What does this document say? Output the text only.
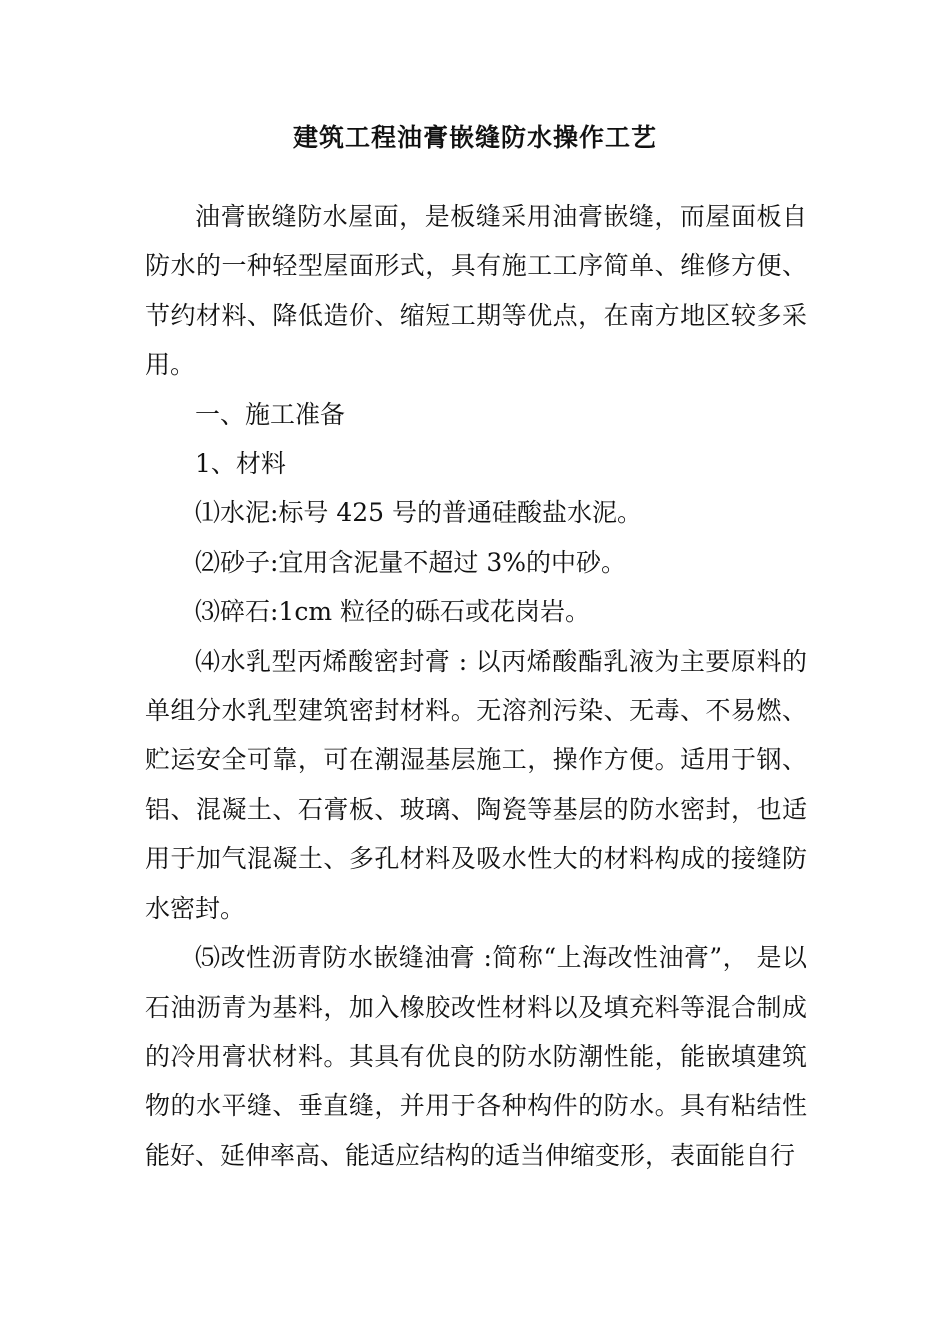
建筑工程油膏嵌缝防水操作工艺

油膏嵌缝防水屋面，是板缝采用油膏嵌缝，而屋面板自防水的一种轻型屋面形式，具有施工工序简单、维修方便、节约材料、降低造价、缩短工期等优点，在南方地区较多采用。

一、施工准备

1、材料

⑴水泥:标号 425 号的普通硅酸盐水泥。

⑵砂子:宜用含泥量不超过 3%的中砂。

⑶碎石:1cm 粒径的砾石或花岗岩。

⑷水乳型丙烯酸密封膏 : 以丙烯酸酯乳液为主要原料的单组分水乳型建筑密封材料。无溶剂污染、无毒、不易燃、贮运安全可靠，可在潮湿基层施工，操作方便。适用于钢、铝、混凝土、石膏板、玻璃、陶瓷等基层的防水密封，也适用于加气混凝土、多孔材料及吸水性大的材料构成的接缝防水密封。

⑸改性沥青防水嵌缝油膏 :简称“上海改性油膏”， 是以石油沥青为基料，加入橡胶改性材料以及填充料等混合制成的冷用膏状材料。其具有优良的防水防潮性能，能嵌填建筑物的水平缝、垂直缝，并用于各种构件的防水。具有粘结性能好、延伸率高、能适应结构的适当伸缩变形，表面能自行
